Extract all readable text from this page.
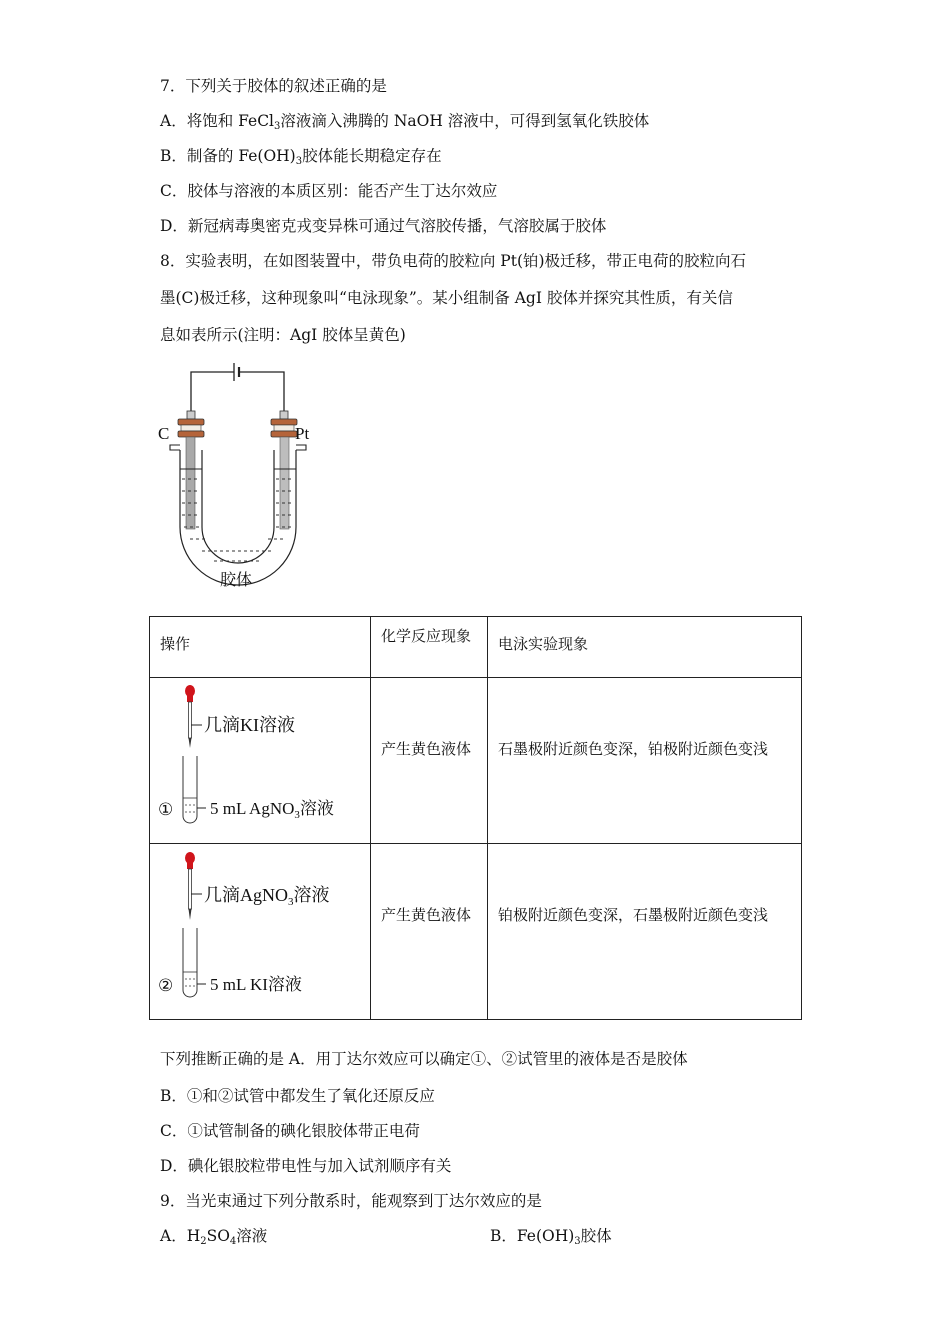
7．下列关于胶体的叙述正确的是
A．将饱和 FeCl$_3$溶液滴入沸腾的 NaOH 溶液中，可得到氢氧化铁胶体
B．制备的 $Fe(OH)_3$胶体能长期稳定存在
C．胶体与溶液的本质区别：能否产生丁达尔效应
D．新冠病毒奥密克戎变异株可通过气溶胶传播，气溶胶属于胶体
8．实验表明，在如图装置中，带负电荷的胶粒向 Pt(铂)极迁移，带正电荷的胶粒向石
墨(C)极迁移，这种现象叫“电泳现象”。某小组制备 AgI 胶体并探究其性质，有关信
息如表所示(注明：AgI 胶体呈黄色)
C	Pt
胶体
操作	化学反应现象	电泳实验现象

几滴KI溶液
① 5 mL AgNO$_3$溶液	产生黄色液体	石墨极附近颜色变深，铂极附近颜色变浅

几滴AgNO$_3$溶液
② 5 mL KI溶液	产生黄色液体	铂极附近颜色变深，石墨极附近颜色变浅
下列推断正确的是 A．用丁达尔效应可以确定①、②试管里的液体是否是胶体
B．①和②试管中都发生了氧化还原反应
C．①试管制备的碘化银胶体带正电荷
D．碘化银胶粒带电性与加入试剂顺序有关
9．当光束通过下列分散系时，能观察到丁达尔效应的是
A．$H_2SO_4$溶液	B．$Fe(OH)_3$胶体
